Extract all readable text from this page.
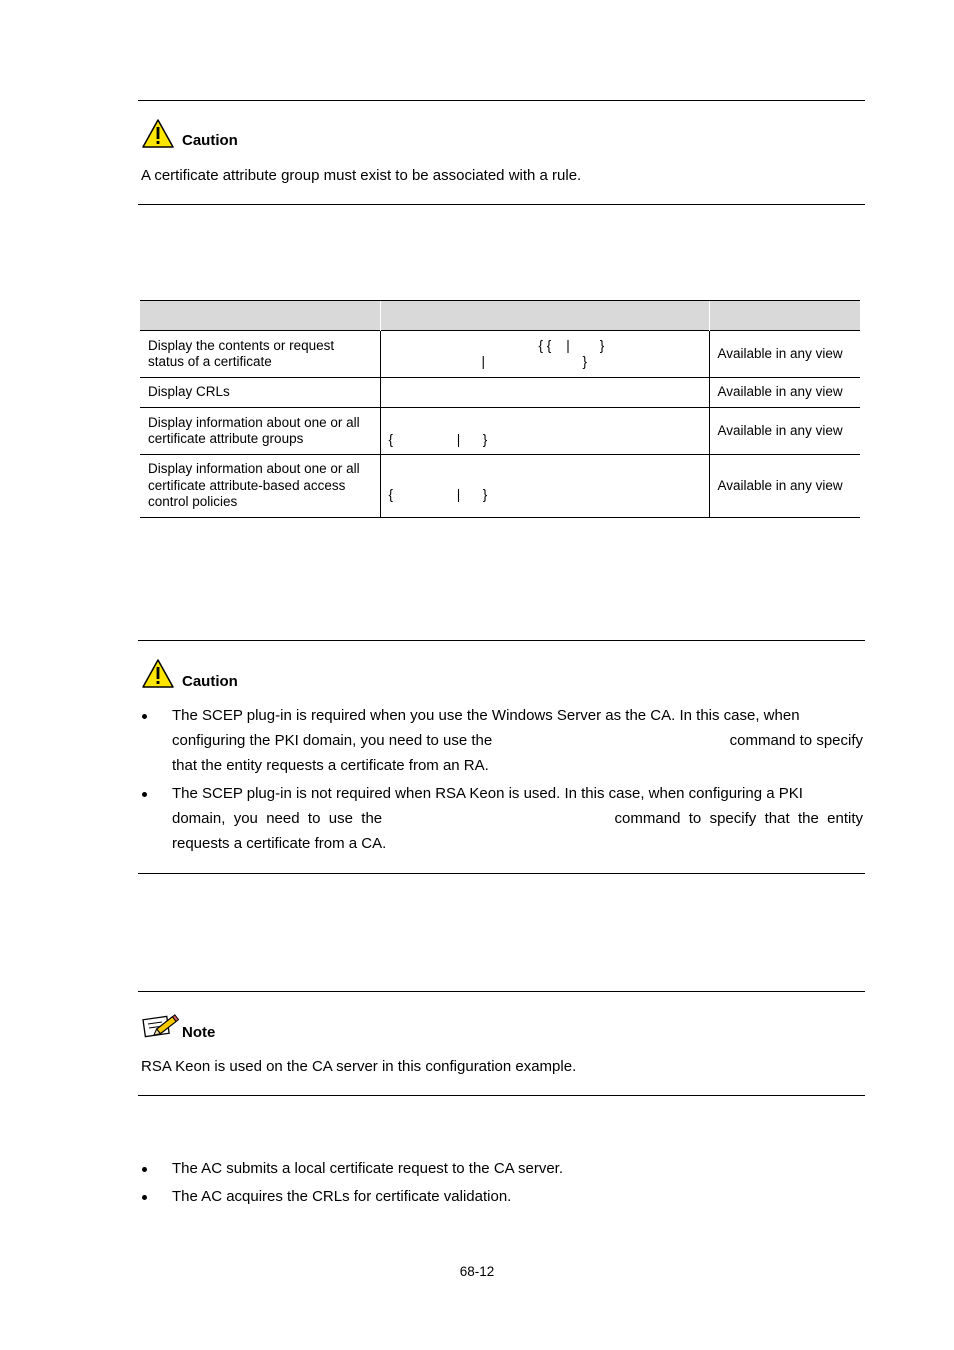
Caution
A certificate attribute group must exist to be associated with a rule.

Display the contents or request status of a certificate	{ {    |        }
|                          }	Available in any view
Display CRLs		Available in any view
Display information about one or all certificate attribute groups	{                 |      }	Available in any view
Display information about one or all certificate attribute-based access control policies	{                 |      }	Available in any view
Caution
The SCEP plug-in is required when you use the Windows Server as the CA. In this case, when
configuring the PKI domain, you need to use the	command to specify
that the entity requests a certificate from an RA.
The SCEP plug-in is not required when RSA Keon is used. In this case, when configuring a PKI
domain,  you  need  to  use  the	command  to  specify  that  the  entity
requests a certificate from a CA.
Note
RSA Keon is used on the CA server in this configuration example.
The AC submits a local certificate request to the CA server.
The AC acquires the CRLs for certificate validation.
68-12
